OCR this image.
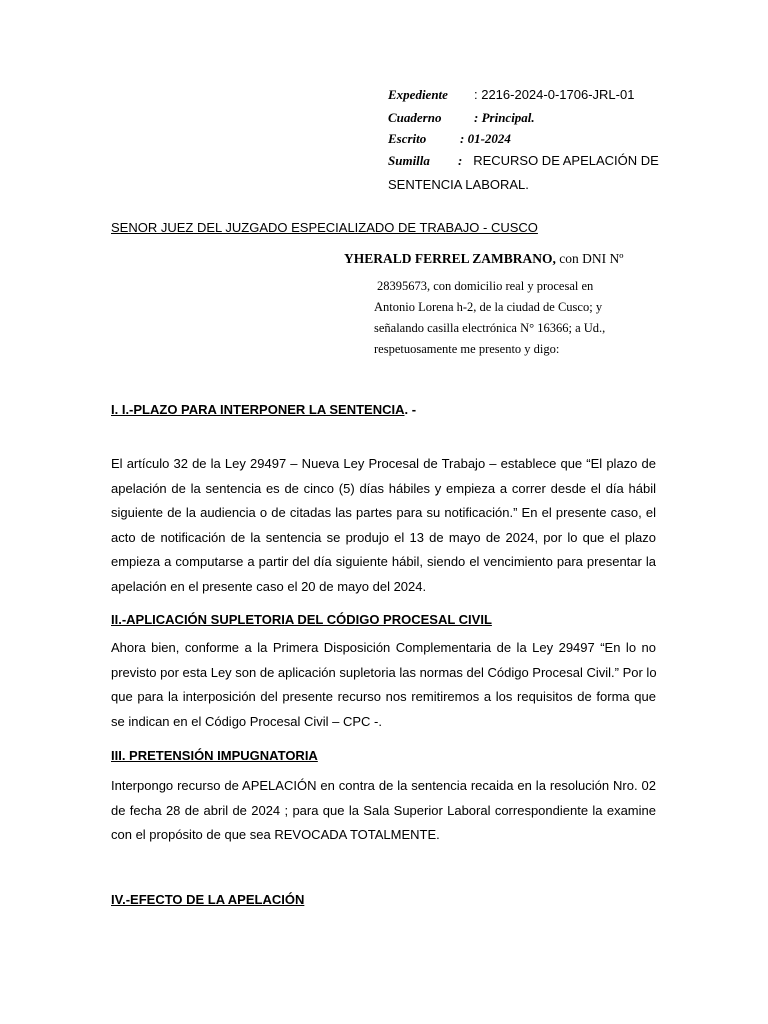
Expediente : 2216-2024-0-1706-JRL-01
Cuaderno	: Principal.
Escrito	: 01-2024
Sumilla : RECURSO DE APELACIÓN DE
SENTENCIA LABORAL.
SENOR JUEZ DEL JUZGADO ESPECIALIZADO DE TRABAJO - CUSCO
YHERALD FERREL ZAMBRANO, con DNI Nº
28395673, con domicilio real y procesal en
Antonio Lorena h-2, de la ciudad de Cusco; y
señalando casilla electrónica N° 16366; a Ud.,
respetuosamente me presento y digo:
I. I.-PLAZO PARA INTERPONER LA SENTENCIA. -
El artículo 32 de la Ley 29497 – Nueva Ley Procesal de Trabajo – establece que “El plazo de
apelación de la sentencia es de cinco (5) días hábiles y empieza a correr desde el día hábil
siguiente de la audiencia o de citadas las partes para su notificación.” En el presente caso, el
acto de notificación de la sentencia se produjo el 13 de mayo de 2024, por lo que el plazo
empieza a computarse a partir del día siguiente hábil, siendo el vencimiento para presentar la
apelación en el presente caso el 20 de mayo del 2024.
II.-APLICACIÓN SUPLETORIA DEL CÓDIGO PROCESAL CIVIL
Ahora bien, conforme a la Primera Disposición Complementaria de la Ley 29497 “En lo no
previsto por esta Ley son de aplicación supletoria las normas del Código Procesal Civil.” Por lo
que para la interposición del presente recurso nos remitiremos a los requisitos de forma que
se indican en el Código Procesal Civil – CPC -.
III. PRETENSIÓN IMPUGNATORIA
Interpongo recurso de APELACIÓN en contra de la sentencia recaida en la resolución Nro. 02
de fecha 28 de abril de 2024 ; para que la Sala Superior Laboral correspondiente la examine
con el propósito de que sea REVOCADA TOTALMENTE.
IV.-EFECTO DE LA APELACIÓN
